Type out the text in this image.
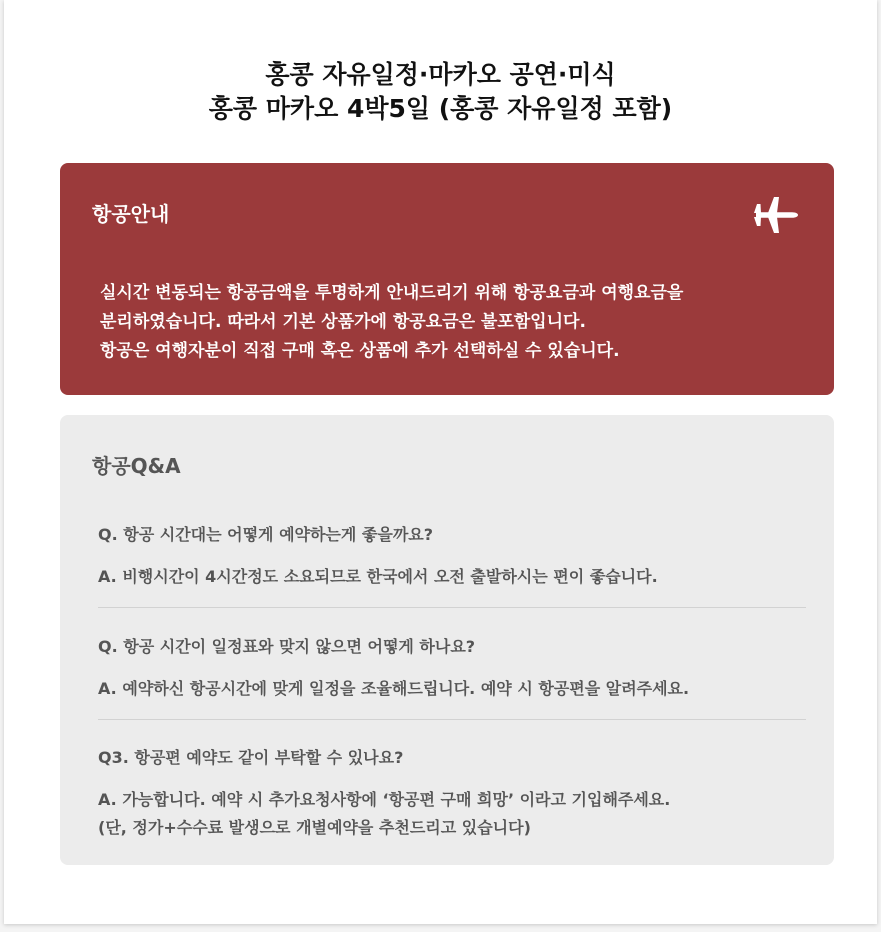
홍콩 자유일정·마카오 공연·미식
홍콩 마카오 4박5일 (홍콩 자유일정 포함)
항공안내
실시간 변동되는 항공금액을 투명하게 안내드리기 위해 항공요금과 여행요금을
분리하였습니다. 따라서 기본 상품가에 항공요금은 불포함입니다.
항공은 여행자분이 직접 구매 혹은 상품에 추가 선택하실 수 있습니다.
항공Q&A
Q. 항공 시간대는 어떻게 예약하는게 좋을까요?
A. 비행시간이 4시간정도 소요되므로 한국에서 오전 출발하시는 편이 좋습니다.
Q. 항공 시간이 일정표와 맞지 않으면 어떻게 하나요?
A. 예약하신 항공시간에 맞게 일정을 조율해드립니다. 예약 시 항공편을 알려주세요.
Q3. 항공편 예약도 같이 부탁할 수 있나요?
A. 가능합니다. 예약 시 추가요청사항에 ‘항공편 구매 희망’ 이라고 기입해주세요.
(단, 정가+수수료 발생으로 개별예약을 추천드리고 있습니다)
